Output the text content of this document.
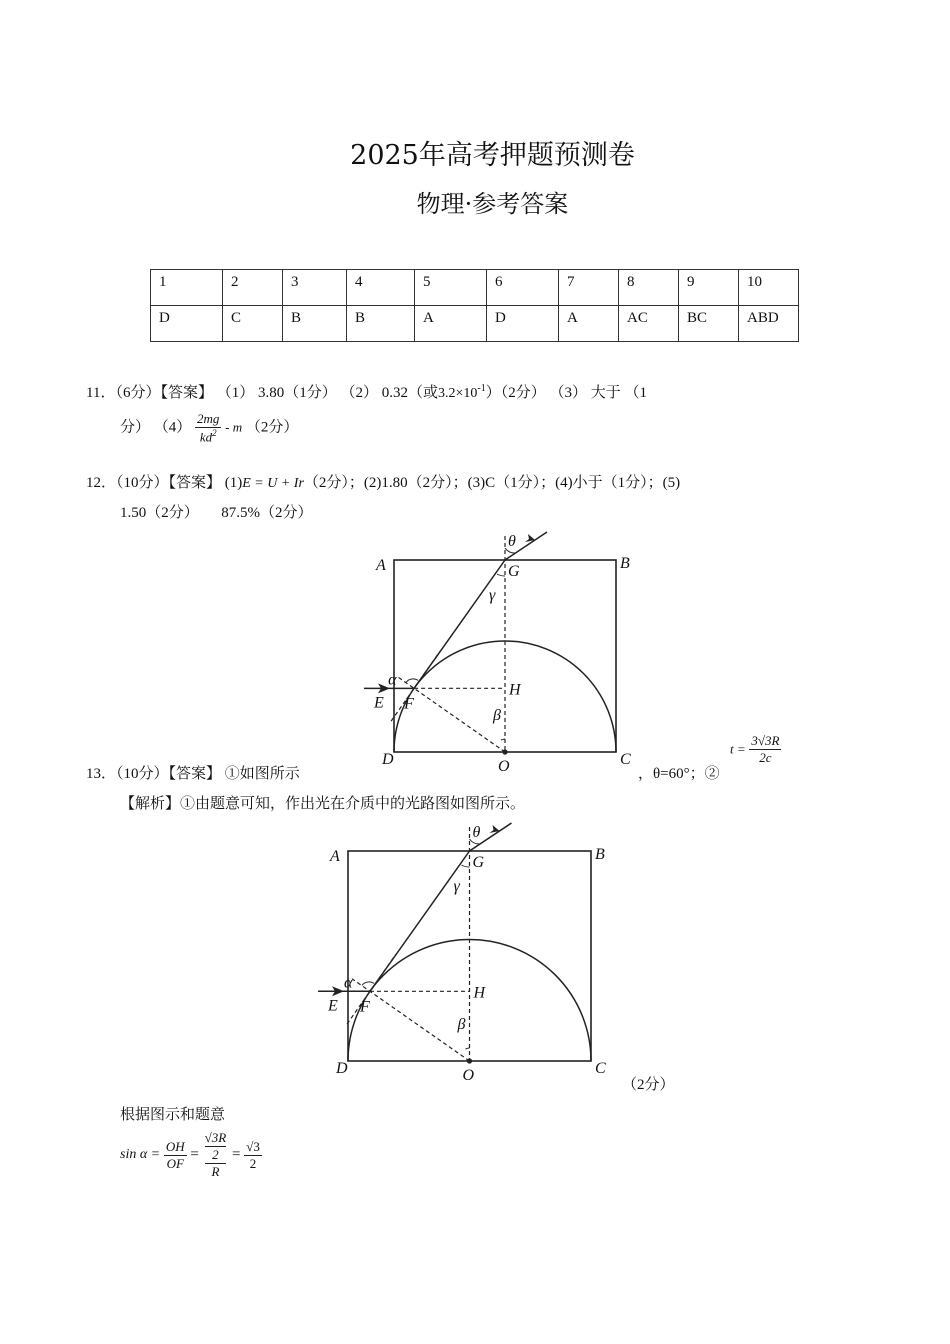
2025年高考押题预测卷
物理·参考答案
1	2	3	4	5	6	7	8	9	10
D	C	B	B	A	D	A	AC	BC	ABD
11．（6分）【答案】 （1） 3.80（1分） （2） 0.32（或$3.2\times 10^{-1})(2$分） （3） 大于 （1
分） $(4) \frac{2mg}{kd^2}$ - m （2分）
12．（10分）【答案】 (1)E = U + Ir（2分）；(2)1.80（2分）；(3)C（1分）；(4)小于（1分）；(5)
1.50（2分）　　87.5%（2分）
A	B
C
D
E F
G
H
O
θ
γ
α
β
13．（10分）【答案】 ①如图所示	，θ=60°；②
$t = \frac{3√3R}{2c}$
【解析】①由题意可知，作出光在介质中的光路图如图所示。
A	B
C
D
E F
G
H
O
θ
γ
α
β
（2分）
根据图示和题意
$\sin \alpha = \frac{OH}{OF}$ =
√3R
2
R
= $\frac{√3}{2}$
